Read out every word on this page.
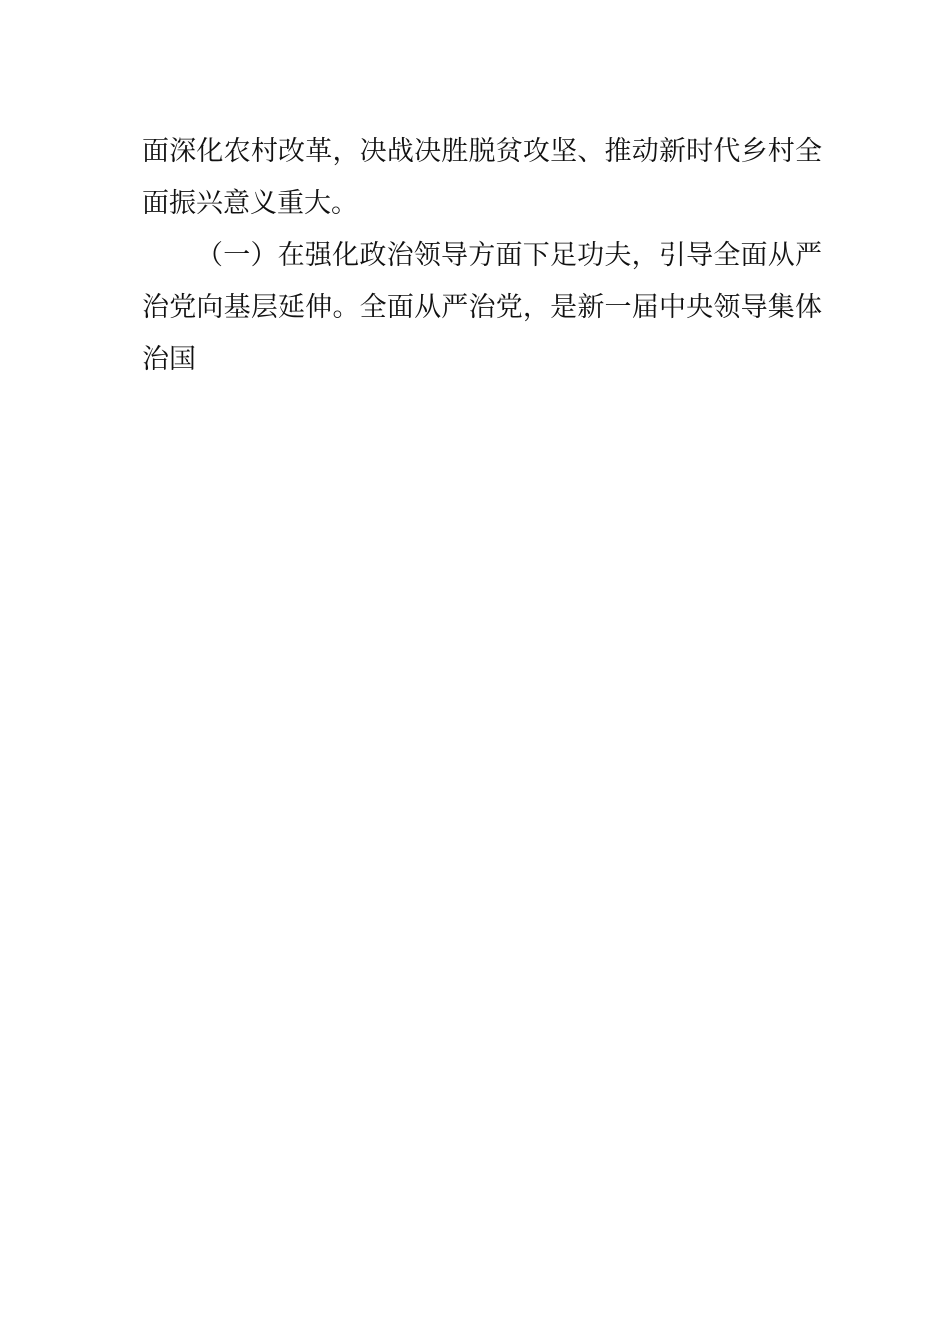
面深化农村改革，决战决胜脱贫攻坚、推动新时代乡村全面振兴意义重大。

（一）在强化政治领导方面下足功夫，引导全面从严治党向基层延伸。全面从严治党，是新一届中央领导集体治国
